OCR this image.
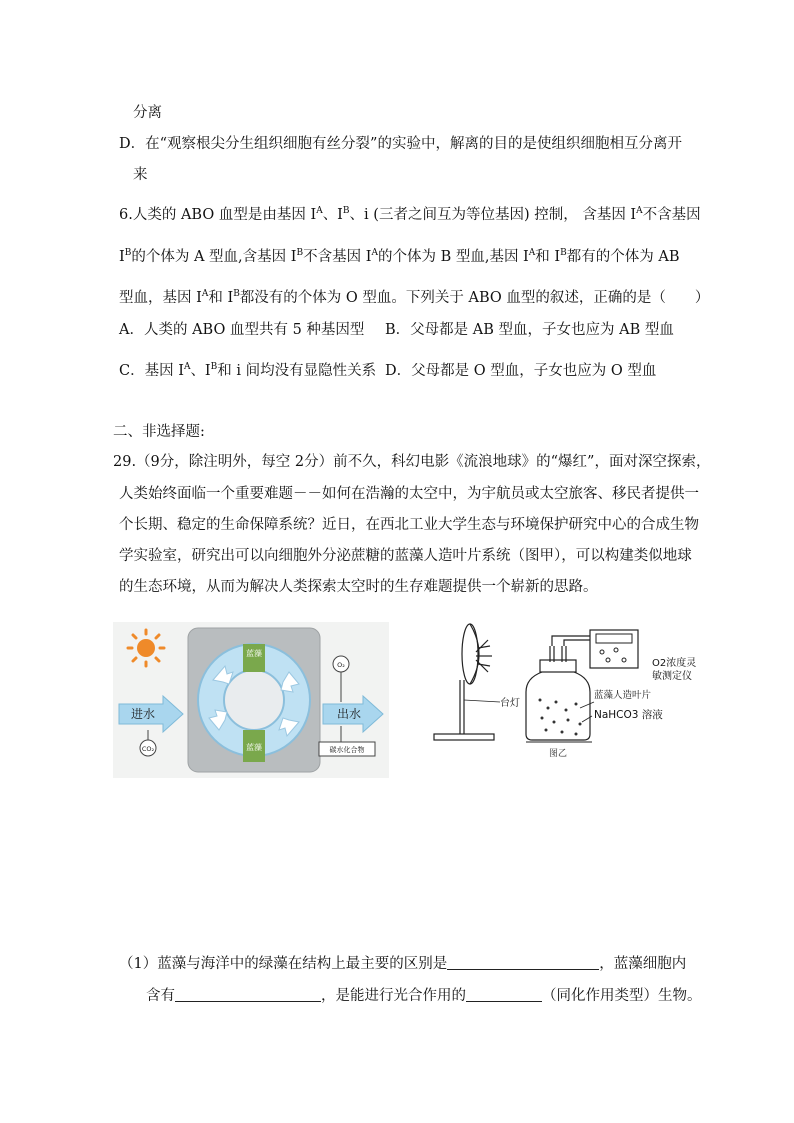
分离
D．在“观察根尖分生组织细胞有丝分裂”的实验中，解离的目的是使组织细胞相互分离开
来
6.人类的 ABO 血型是由基因 $I^A$、$I^B$、i (三者之间互为等位基因) 控制， 含基因 $I^A$不含基因
$I^B$的个体为 A 型血,含基因 $I^B$不含基因 $I^A$的个体为 B 型血,基因 $I^A$和 $I^B$都有的个体为 AB
型血，基因 $I^A$和 $I^B$都没有的个体为 O 型血。下列关于 ABO 血型的叙述，正确的是（　　）
A．人类的 ABO 血型共有 5 种基因型 B．父母都是 AB 型血，子女也应为 AB 型血
C．基因 $I^A$、$I^B$和 i 间均没有显隐性关系 D．父母都是 O 型血，子女也应为 O 型血
二、非选择题:
29.（9分，除注明外，每空 2分）前不久，科幻电影《流浪地球》的“爆红”，面对深空探索，
人类始终面临一个重要难题－－如何在浩瀚的太空中，为宇航员或太空旅客、移民者提供一
个长期、稳定的生命保障系统？近日，在西北工业大学生态与环境保护研究中心的合成生物
学实验室，研究出可以向细胞外分泌蔗糖的蓝藻人造叶片系统（图甲），可以构建类似地球
的生态环境，从而为解决人类探索太空时的生存难题提供一个崭新的思路。
蓝藻
蓝藻
进水
CO₂
出水
O₂
碳水化合物
台灯
图乙
O2浓度灵 敏测定仪
蓝藻人造叶片
NaHCO3 溶液
（1）蓝藻与海洋中的绿藻在结构上最主要的区别是	，蓝藻细胞内
含有	，是能进行光合作用的	（同化作用类型）生物。
